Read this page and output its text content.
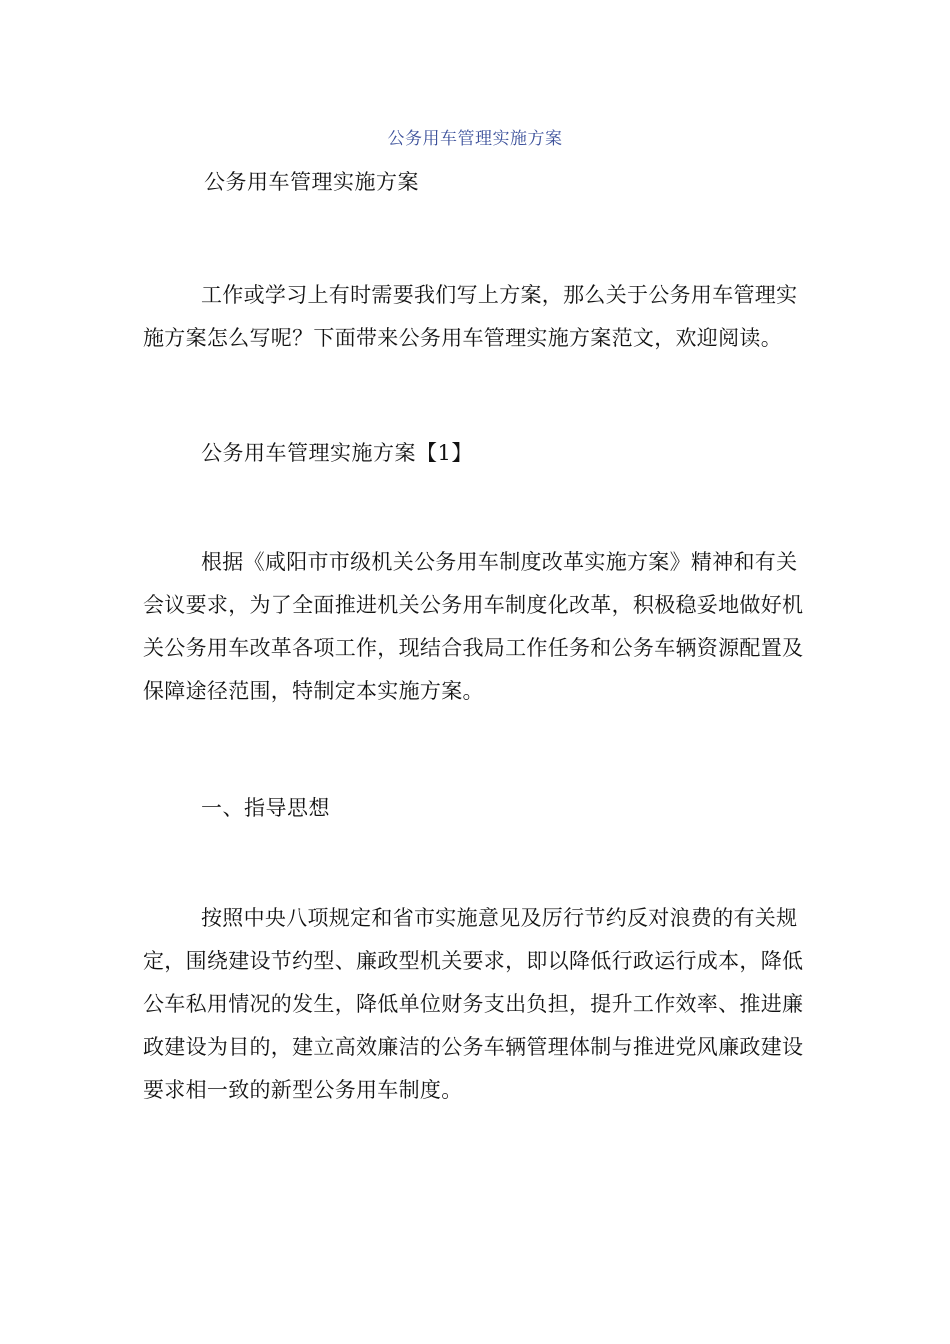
公务用车管理实施方案
公务用车管理实施方案

工作或学习上有时需要我们写上方案，那么关于公务用车管理实施方案怎么写呢？下面带来公务用车管理实施方案范文，欢迎阅读。

公务用车管理实施方案【1】

根据《咸阳市市级机关公务用车制度改革实施方案》精神和有关会议要求，为了全面推进机关公务用车制度化改革，积极稳妥地做好机关公务用车改革各项工作，现结合我局工作任务和公务车辆资源配置及保障途径范围，特制定本实施方案。

一、指导思想

按照中央八项规定和省市实施意见及厉行节约反对浪费的有关规定，围绕建设节约型、廉政型机关要求，即以降低行政运行成本，降低公车私用情况的发生，降低单位财务支出负担，提升工作效率、推进廉政建设为目的，建立高效廉洁的公务车辆管理体制与推进党风廉政建设要求相一致的新型公务用车制度。
